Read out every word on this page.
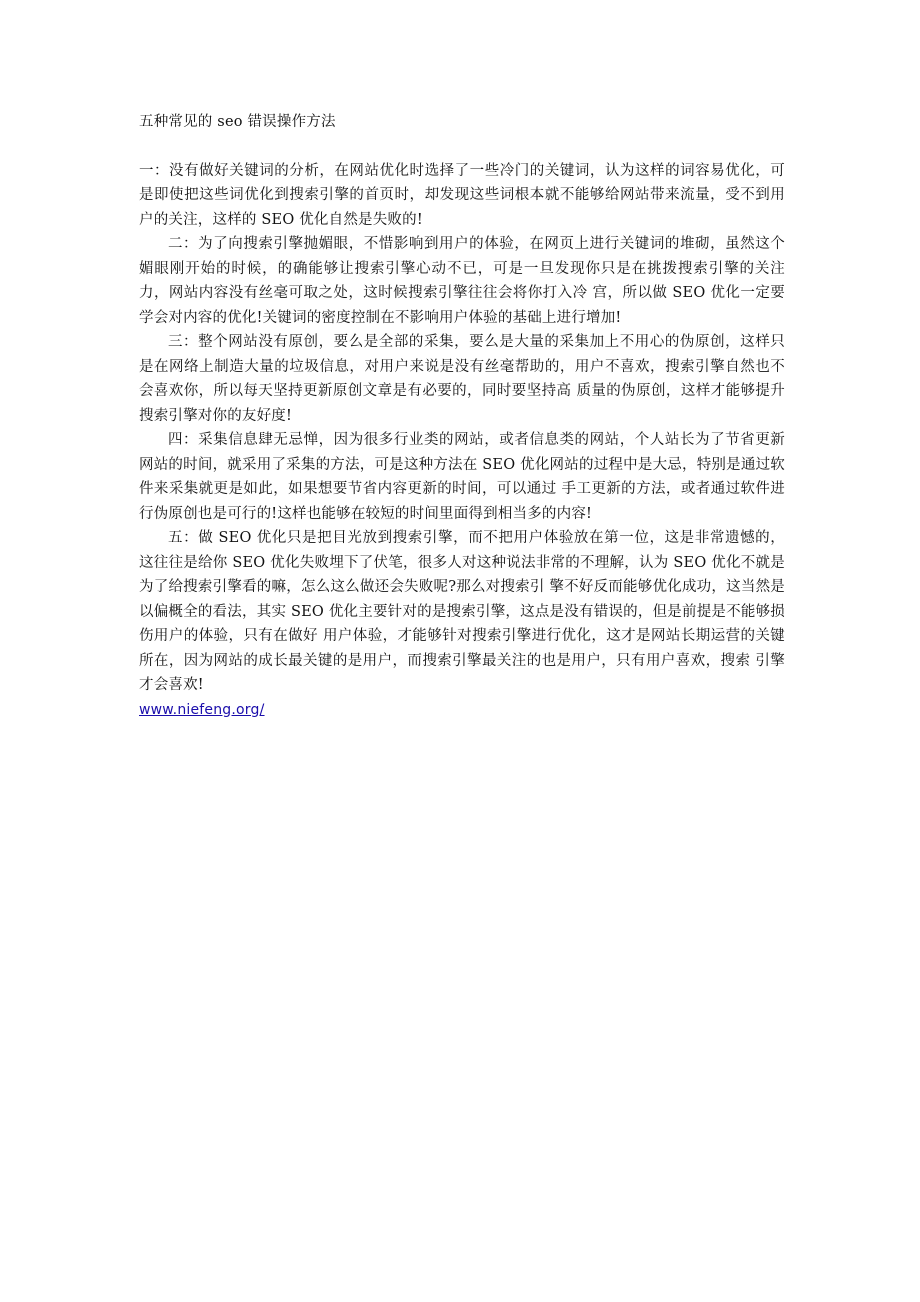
五种常见的 seo 错误操作方法

一：没有做好关键词的分析，在网站优化时选择了一些冷门的关键词，认为这样的词容易优化，可是即使把这些词优化到搜索引擎的首页时，却发现这些词根本就不能够给网站带来流量，受不到用户的关注，这样的 SEO 优化自然是失败的!

二：为了向搜索引擎抛媚眼，不惜影响到用户的体验，在网页上进行关键词的堆砌，虽然这个 媚眼刚开始的时候，的确能够让搜索引擎心动不已，可是一旦发现你只是在挑拨搜索引擎的关注力，网站内容没有丝毫可取之处，这时候搜索引擎往往会将你打入冷 宫，所以做 SEO 优化一定要学会对内容的优化!关键词的密度控制在不影响用户体验的基础上进行增加!

三：整个网站没有原创，要么是全部的采集，要么是大量的采集加上不用心的伪原创，这样只 是在网络上制造大量的垃圾信息，对用户来说是没有丝毫帮助的，用户不喜欢，搜索引擎自然也不会喜欢你，所以每天坚持更新原创文章是有必要的，同时要坚持高 质量的伪原创，这样才能够提升搜索引擎对你的友好度!

四：采集信息肆无忌惮，因为很多行业类的网站，或者信息类的网站，个人站长为了节省更新 网站的时间，就采用了采集的方法，可是这种方法在 SEO 优化网站的过程中是大忌，特别是通过软件来采集就更是如此，如果想要节省内容更新的时间，可以通过 手工更新的方法，或者通过软件进行伪原创也是可行的!这样也能够在较短的时间里面得到相当多的内容!

五：做 SEO 优化只是把目光放到搜索引擎，而不把用户体验放在第一位，这是非常遗憾的， 这往往是给你 SEO 优化失败埋下了伏笔，很多人对这种说法非常的不理解，认为 SEO 优化不就是为了给搜索引擎看的嘛，怎么这么做还会失败呢?那么对搜索引 擎不好反而能够优化成功，这当然是以偏概全的看法，其实 SEO 优化主要针对的是搜索引擎，这点是没有错误的，但是前提是不能够损伤用户的体验，只有在做好 用户体验，才能够针对搜索引擎进行优化，这才是网站长期运营的关键所在，因为网站的成长最关键的是用户，而搜索引擎最关注的也是用户，只有用户喜欢，搜索 引擎才会喜欢!

www.niefeng.org/
